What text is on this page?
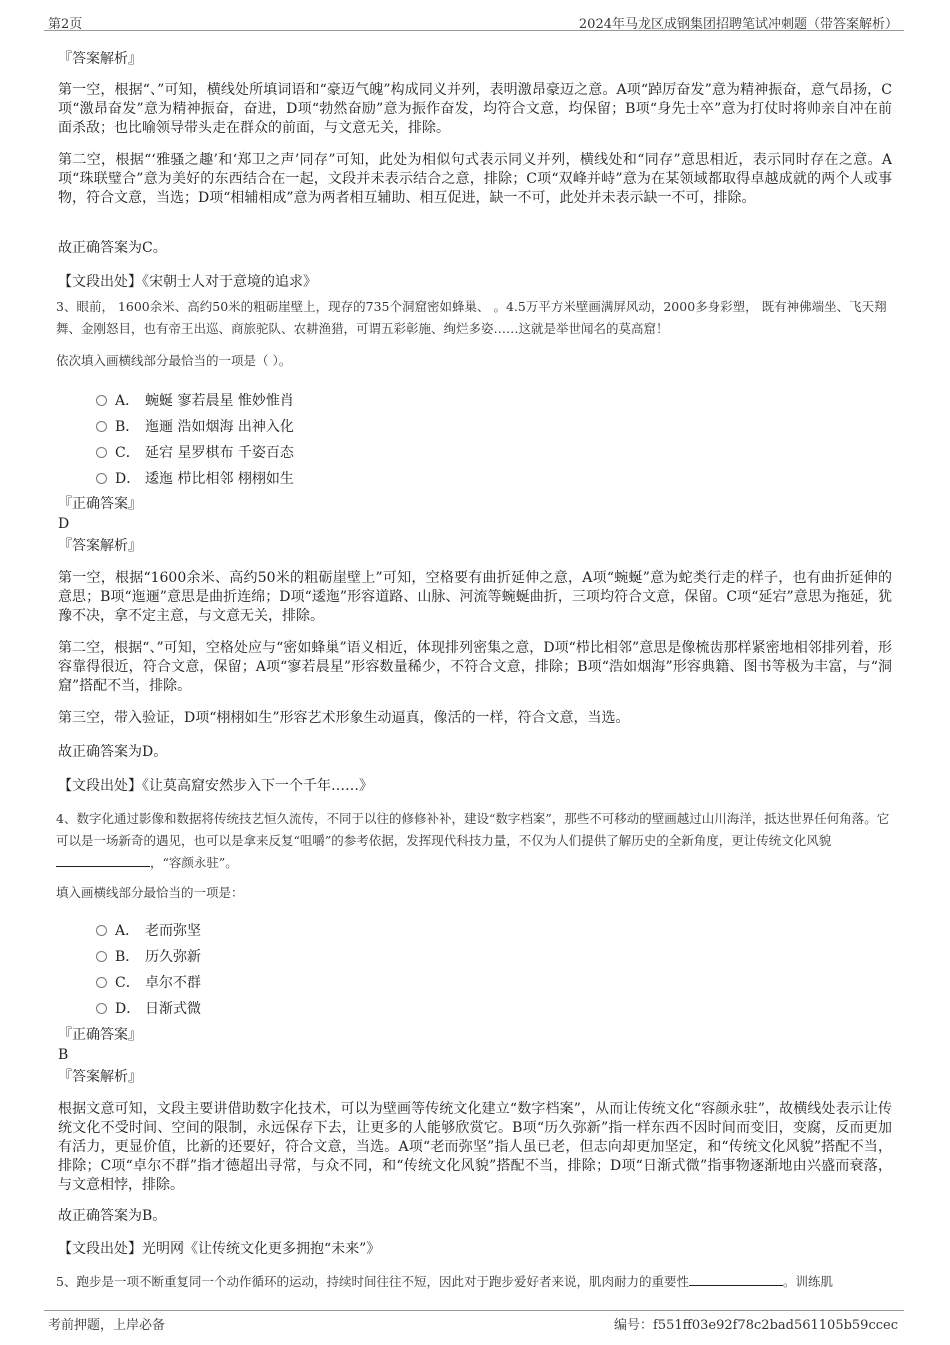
第2页	2024年马龙区成钢集团招聘笔试冲刺题（带答案解析）
『答案解析』
第一空，根据“、”可知，横线处所填词语和“豪迈气魄”构成同义并列，表明激昂豪迈之意。A项“踔厉奋发”意为精神振奋，意气昂扬，C项“激昂奋发”意为精神振奋，奋进，D项“勃然奋励”意为振作奋发，均符合文意，均保留；B项“身先士卒”意为打仗时将帅亲自冲在前面杀敌；也比喻领导带头走在群众的前面，与文意无关，排除。
第二空，根据“‘雅骚之趣’和‘郑卫之声’同存”可知，此处为相似句式表示同义并列，横线处和“同存”意思相近，表示同时存在之意。A项“珠联璧合”意为美好的东西结合在一起，文段并未表示结合之意，排除；C项“双峰并峙”意为在某领域都取得卓越成就的两个人或事物，符合文意，当选；D项“相辅相成”意为两者相互辅助、相互促进，缺一不可，此处并未表示缺一不可，排除。
故正确答案为C。
【文段出处】《宋朝士人对于意境的追求》
3、眼前， 1600余米、高约50米的粗砺崖壁上，现存的735个洞窟密如蜂巢、 。4.5万平方米壁画满屏风动，2000多身彩塑， 既有神佛端坐、飞天翔舞、金刚怒目，也有帝王出巡、商旅驼队、农耕渔猎，可谓五彩彰施、绚烂多姿……这就是举世闻名的莫高窟！
依次填入画横线部分最恰当的一项是（ ）。
A． 蜿蜒 寥若晨星 惟妙惟肖
B． 迤逦 浩如烟海 出神入化
C． 延宕 星罗棋布 千姿百态
D． 逶迤 栉比相邻 栩栩如生
『正确答案』
D
『答案解析』
第一空，根据“1600余米、高约50米的粗砺崖壁上”可知，空格要有曲折延伸之意，A项“蜿蜒”意为蛇类行走的样子，也有曲折延伸的意思；B项“迤逦”意思是曲折连绵；D项“逶迤”形容道路、山脉、河流等蜿蜒曲折，三项均符合文意，保留。C项“延宕”意思为拖延，犹豫不决，拿不定主意，与文意无关，排除。
第二空，根据“、”可知，空格处应与“密如蜂巢”语义相近，体现排列密集之意，D项“栉比相邻”意思是像梳齿那样紧密地相邻排列着，形容靠得很近，符合文意，保留；A项“寥若晨星”形容数量稀少，不符合文意，排除；B项“浩如烟海”形容典籍、图书等极为丰富，与“洞窟”搭配不当，排除。
第三空，带入验证，D项“栩栩如生”形容艺术形象生动逼真，像活的一样，符合文意，当选。
故正确答案为D。
【文段出处】《让莫高窟安然步入下一个千年……》
4、数字化通过影像和数据将传统技艺恒久流传，不同于以往的修修补补，建设“数字档案”，那些不可移动的壁画越过山川海洋，抵达世界任何角落。它可以是一场新奇的遇见，也可以是拿来反复“咀嚼”的参考依据，发挥现代科技力量，不仅为人们提供了解历史的全新角度，更让传统文化风貌，“容颜永驻”。
填入画横线部分最恰当的一项是：
A． 老而弥坚
B． 历久弥新
C． 卓尔不群
D． 日渐式微
『正确答案』
B
『答案解析』
根据文意可知，文段主要讲借助数字化技术，可以为壁画等传统文化建立“数字档案”，从而让传统文化“容颜永驻”，故横线处表示让传统文化不受时间、空间的限制，永远保存下去，让更多的人能够欣赏它。B项“历久弥新”指一样东西不因时间而变旧，变腐，反而更加有活力，更显价值，比新的还要好，符合文意，当选。A项“老而弥坚”指人虽已老，但志向却更加坚定，和“传统文化风貌”搭配不当，排除；C项“卓尔不群”指才德超出寻常，与众不同，和“传统文化风貌”搭配不当，排除；D项“日渐式微”指事物逐渐地由兴盛而衰落，与文意相悖，排除。
故正确答案为B。
【文段出处】光明网《让传统文化更多拥抱“未来”》
5、跑步是一项不断重复同一个动作循环的运动，持续时间往往不短，因此对于跑步爱好者来说，肌肉耐力的重要性	。训练肌
考前押题，上岸必备	编号：f551ff03e92f78c2bad561105b59ccec
